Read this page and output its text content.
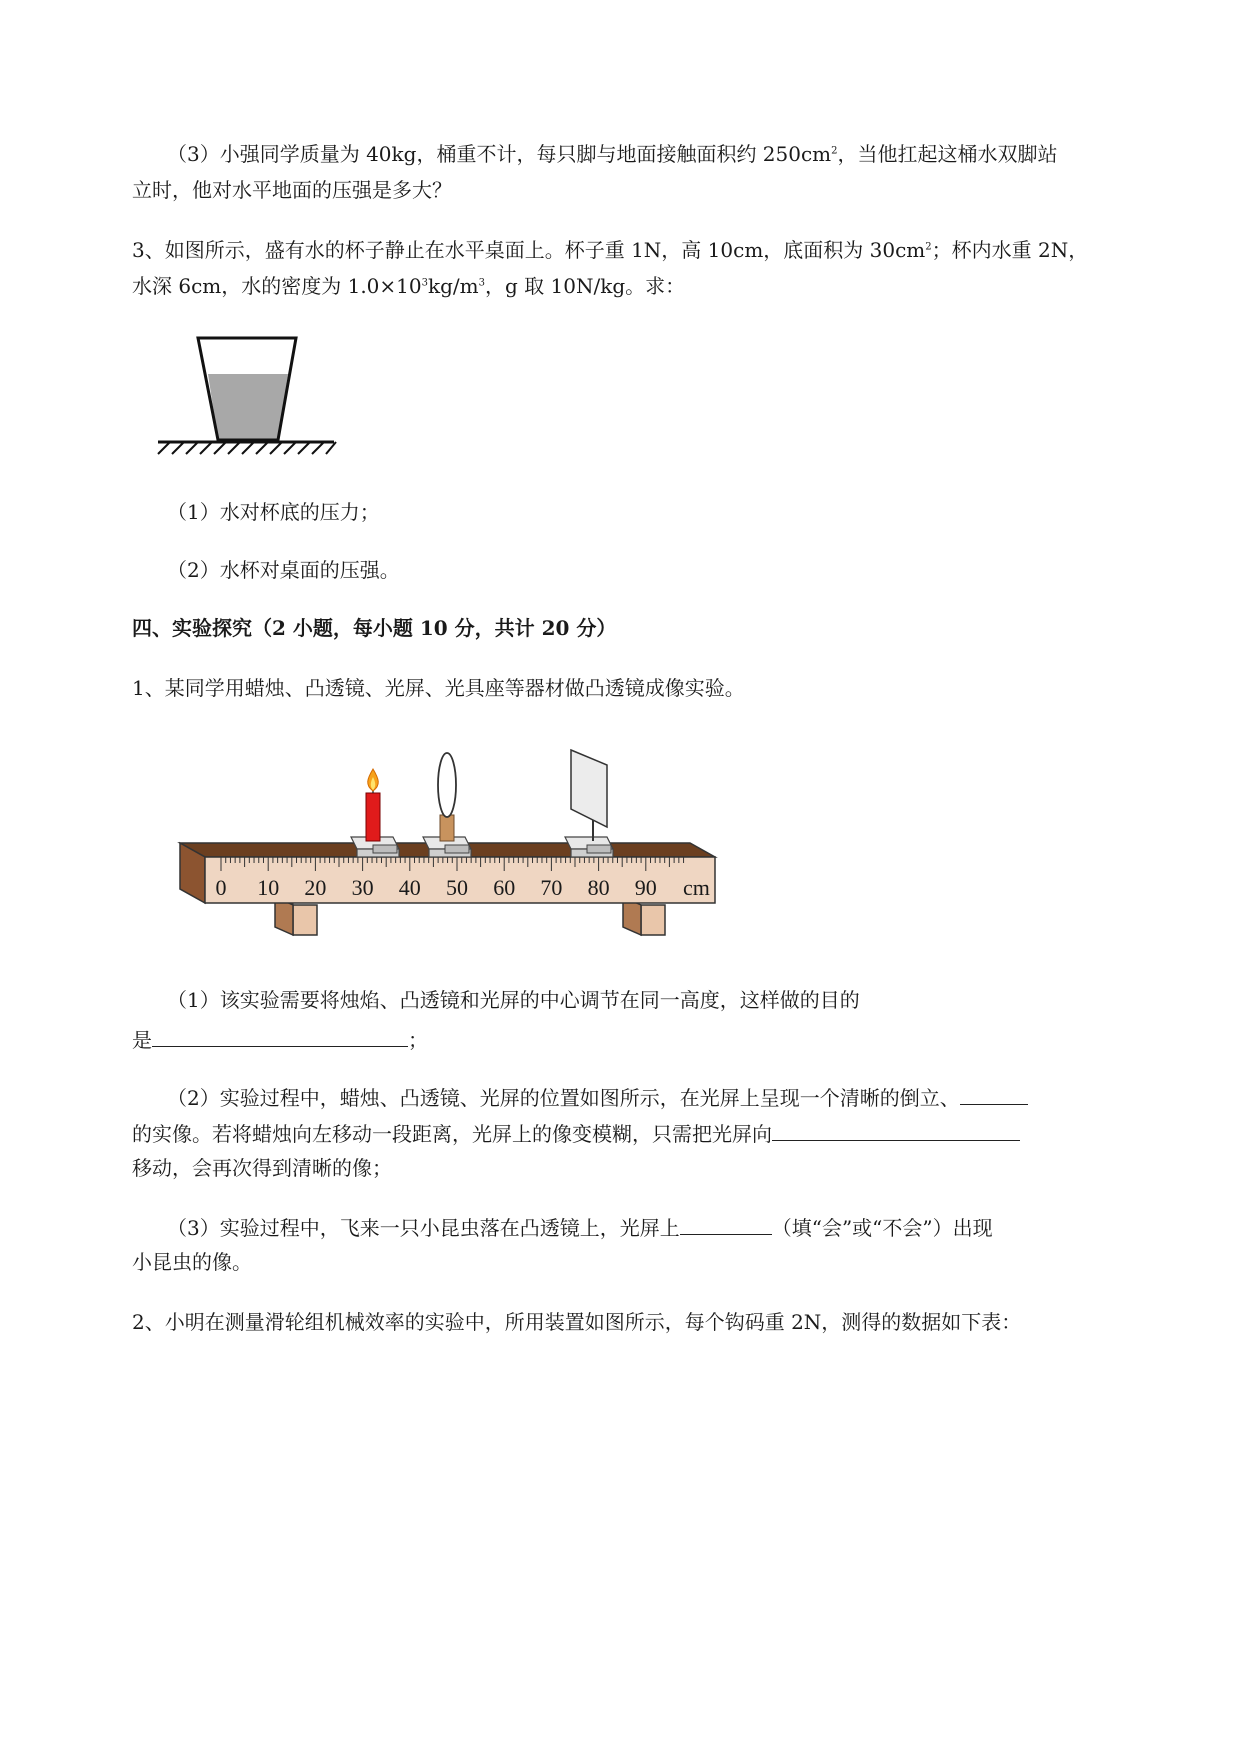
（3）小强同学质量为 40kg，桶重不计，每只脚与地面接触面积约 $250cm^2$，当他扛起这桶水双脚站
立时，他对水平地面的压强是多大？
3、如图所示，盛有水的杯子静止在水平桌面上。杯子重 1N，高 10cm，底面积为 $30cm^2$；杯内水重 2N，
水深 6cm，水的密度为 $1.0\times 10^3kg/m^3$，g 取 10N/kg。求：
（1）水对杯底的压力；
（2）水杯对桌面的压强。
四、实验探究（2 小题，每小题 10 分，共计 20 分）
1、某同学用蜡烛、凸透镜、光屏、光具座等器材做凸透镜成像实验。
0 10 20 30 40 50 60 70 80 90 cm
（1）该实验需要将烛焰、凸透镜和光屏的中心调节在同一高度，这样做的目的
是	；
（2）实验过程中，蜡烛、凸透镜、光屏的位置如图所示，在光屏上呈现一个清晰的倒立、
的实像。若将蜡烛向左移动一段距离，光屏上的像变模糊，只需把光屏向
移动，会再次得到清晰的像；
（3）实验过程中，飞来一只小昆虫落在凸透镜上，光屏上	（填“会”或“不会”）出现
小昆虫的像。
2、小明在测量滑轮组机械效率的实验中，所用装置如图所示，每个钩码重 2N，测得的数据如下表：
